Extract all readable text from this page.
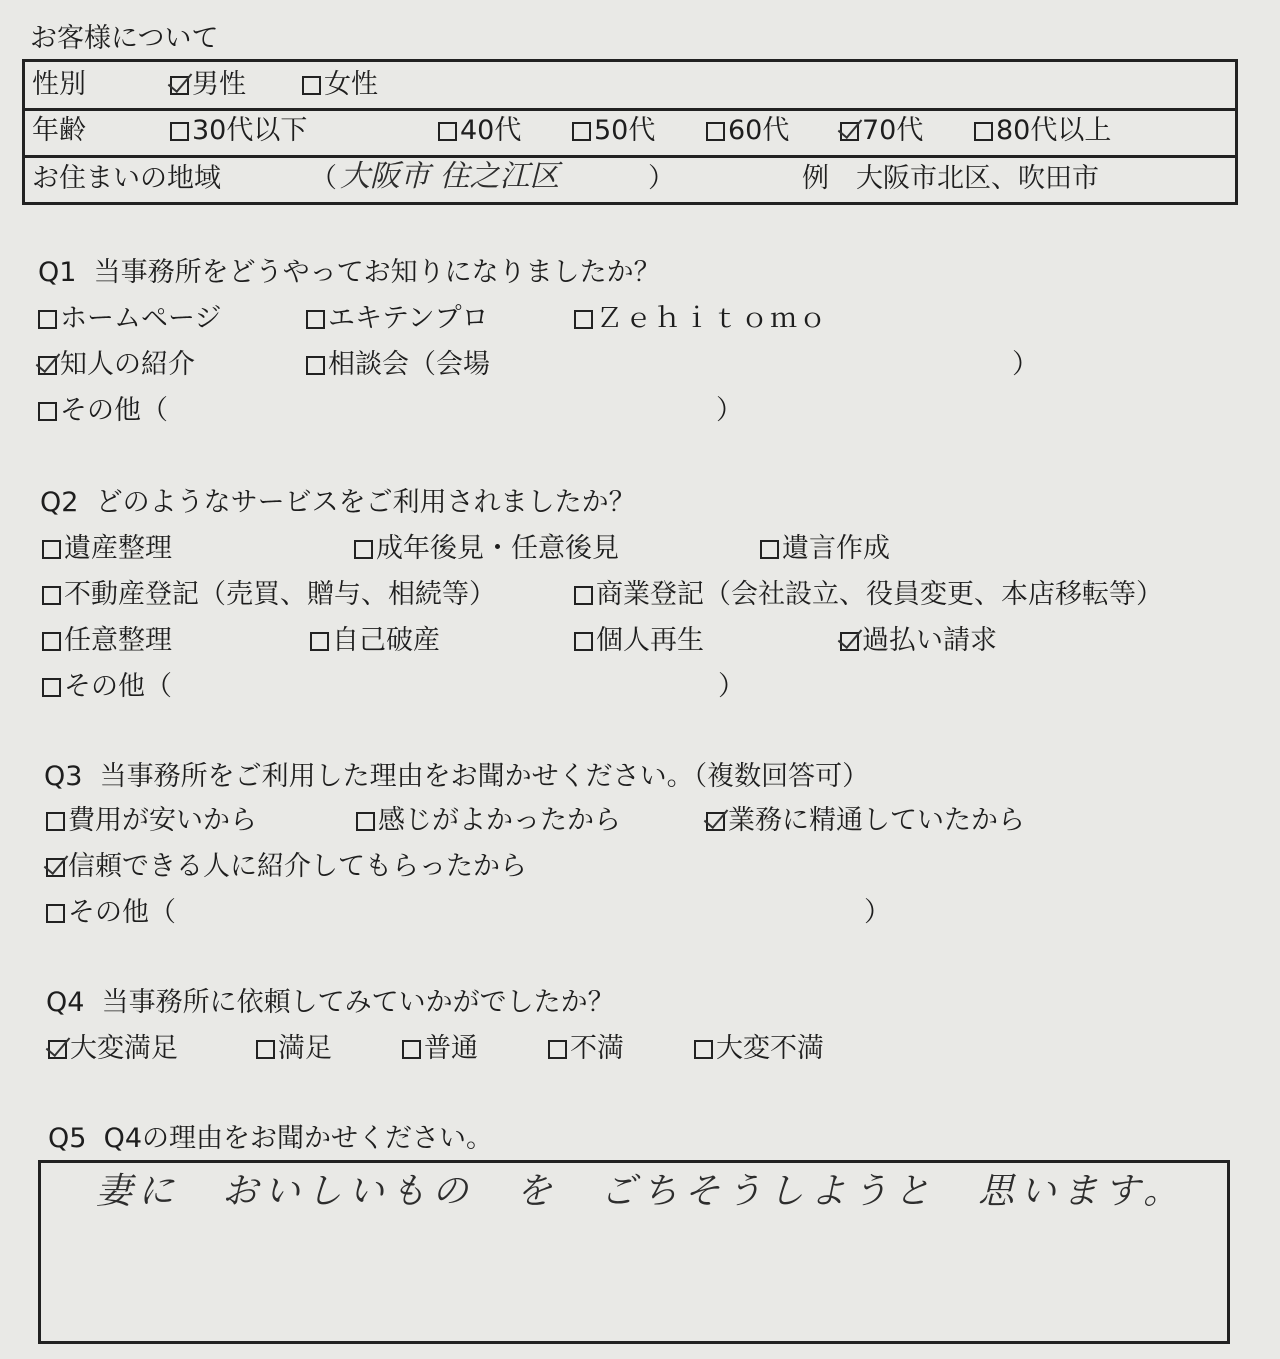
お客様について
性別	男性	女性
年齢	30代以下	40代	50代	60代	70代	80代以上
お住まいの地域	（ 大阪市 住之江区	）	例　大阪市北区、吹田市
Q1 当事務所をどうやってお知りになりましたか？
ホームページ	エキテンプロ	Ｚｅｈｉｔｏｍｏ
知人の紹介	相談会（会場	）
その他（	）
Q2 どのようなサービスをご利用されましたか？
遺産整理	成年後見・任意後見	遺言作成
不動産登記（売買、贈与、相続等）	商業登記（会社設立、役員変更、本店移転等）
任意整理	自己破産	個人再生	過払い請求
その他（	）
Q3 当事務所をご利用した理由をお聞かせください。（複数回答可）
費用が安いから	感じがよかったから	業務に精通していたから
信頼できる人に紹介してもらったから
その他（	）
Q4 当事務所に依頼してみていかがでしたか？
大変満足	満足	普通	不満	大変不満
Q5 Q4の理由をお聞かせください。
妻に　おいしいもの　を　ごちそうしようと　思います。
